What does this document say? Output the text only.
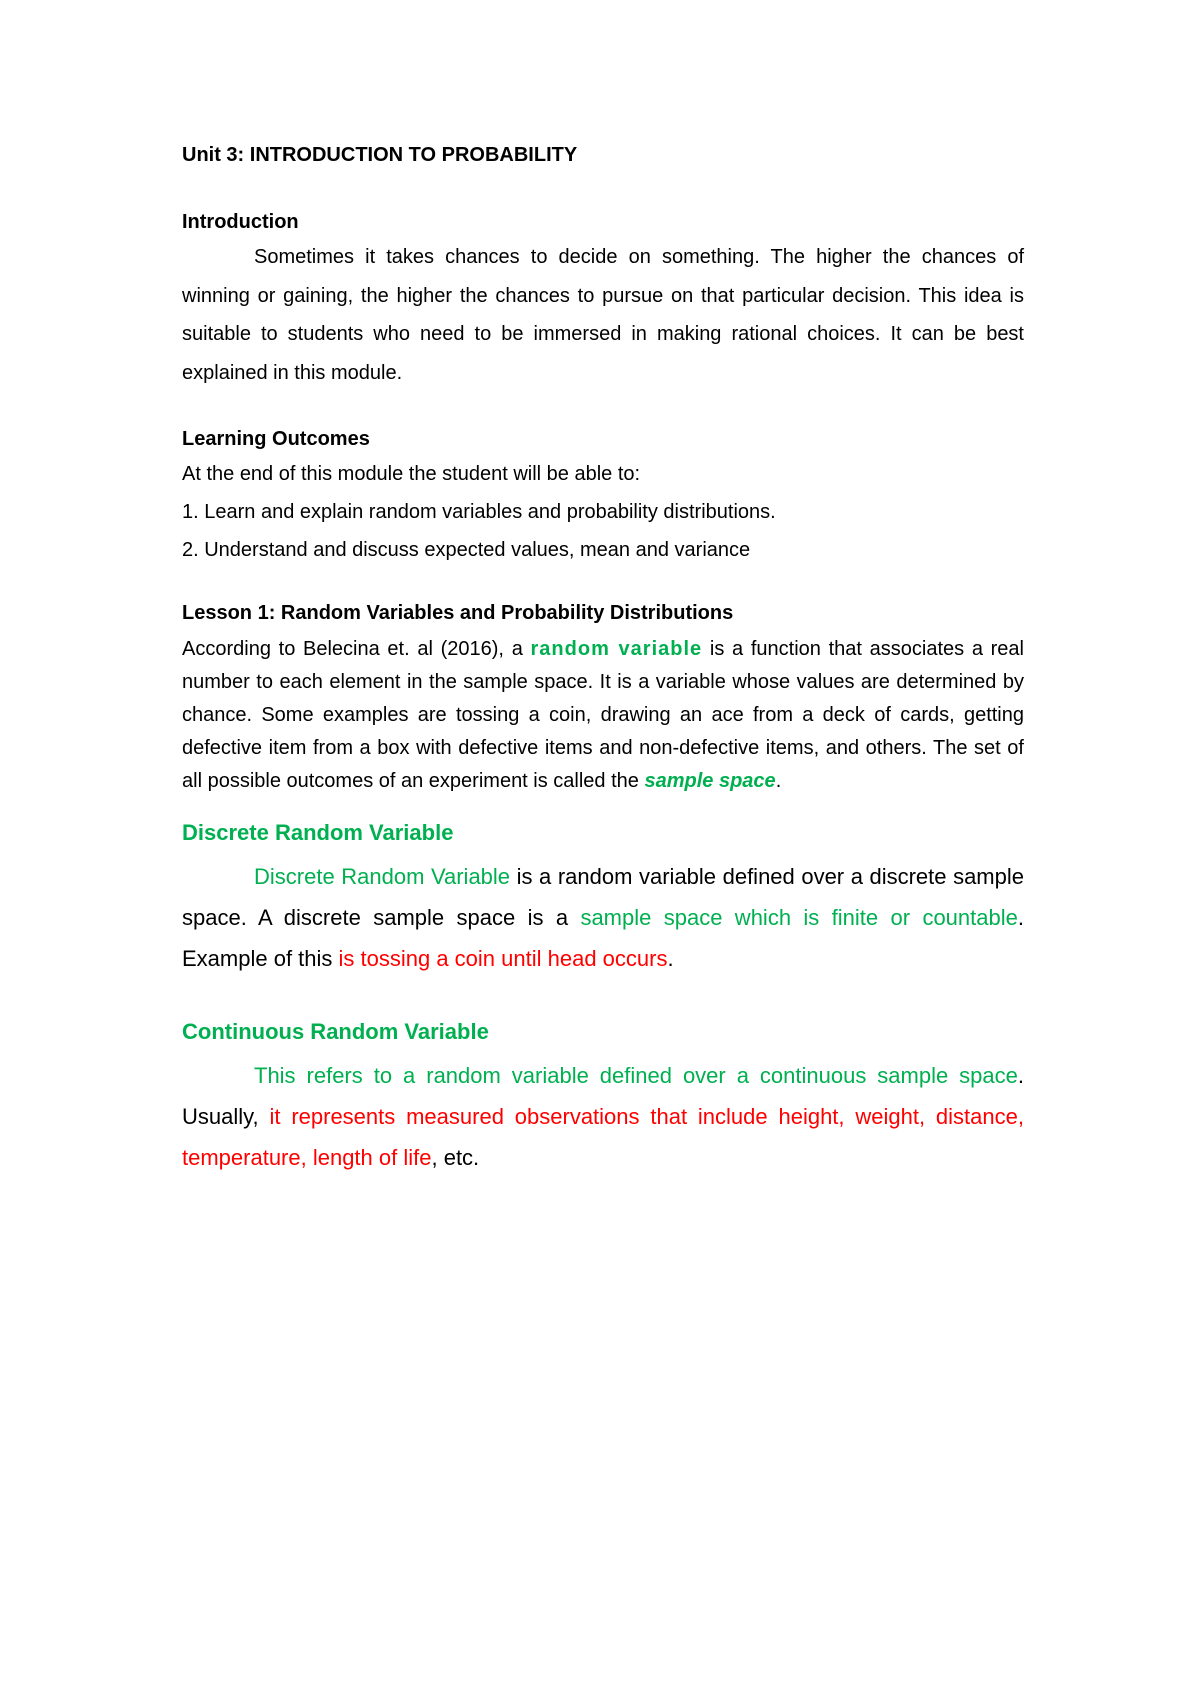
Unit 3: INTRODUCTION TO PROBABILITY

Introduction

Sometimes it takes chances to decide on something. The higher the chances of winning or gaining, the higher the chances to pursue on that particular decision. This idea is suitable to students who need to be immersed in making rational choices. It can be best explained in this module.

Learning Outcomes

At the end of this module the student will be able to:

1. Learn and explain random variables and probability distributions.

2. Understand and discuss expected values, mean and variance

Lesson 1: Random Variables and Probability Distributions

According to Belecina et. al (2016), a random variable is a function that associates a real number to each element in the sample space. It is a variable whose values are determined by chance. Some examples are tossing a coin, drawing an ace from a deck of cards, getting defective item from a box with defective items and non-defective items, and others. The set of all possible outcomes of an experiment is called the sample space.

Discrete Random Variable

Discrete Random Variable is a random variable defined over a discrete sample space. A discrete sample space is a sample space which is finite or countable. Example of this is tossing a coin until head occurs.

Continuous Random Variable

This refers to a random variable defined over a continuous sample space. Usually, it represents measured observations that include height, weight, distance, temperature, length of life, etc.
